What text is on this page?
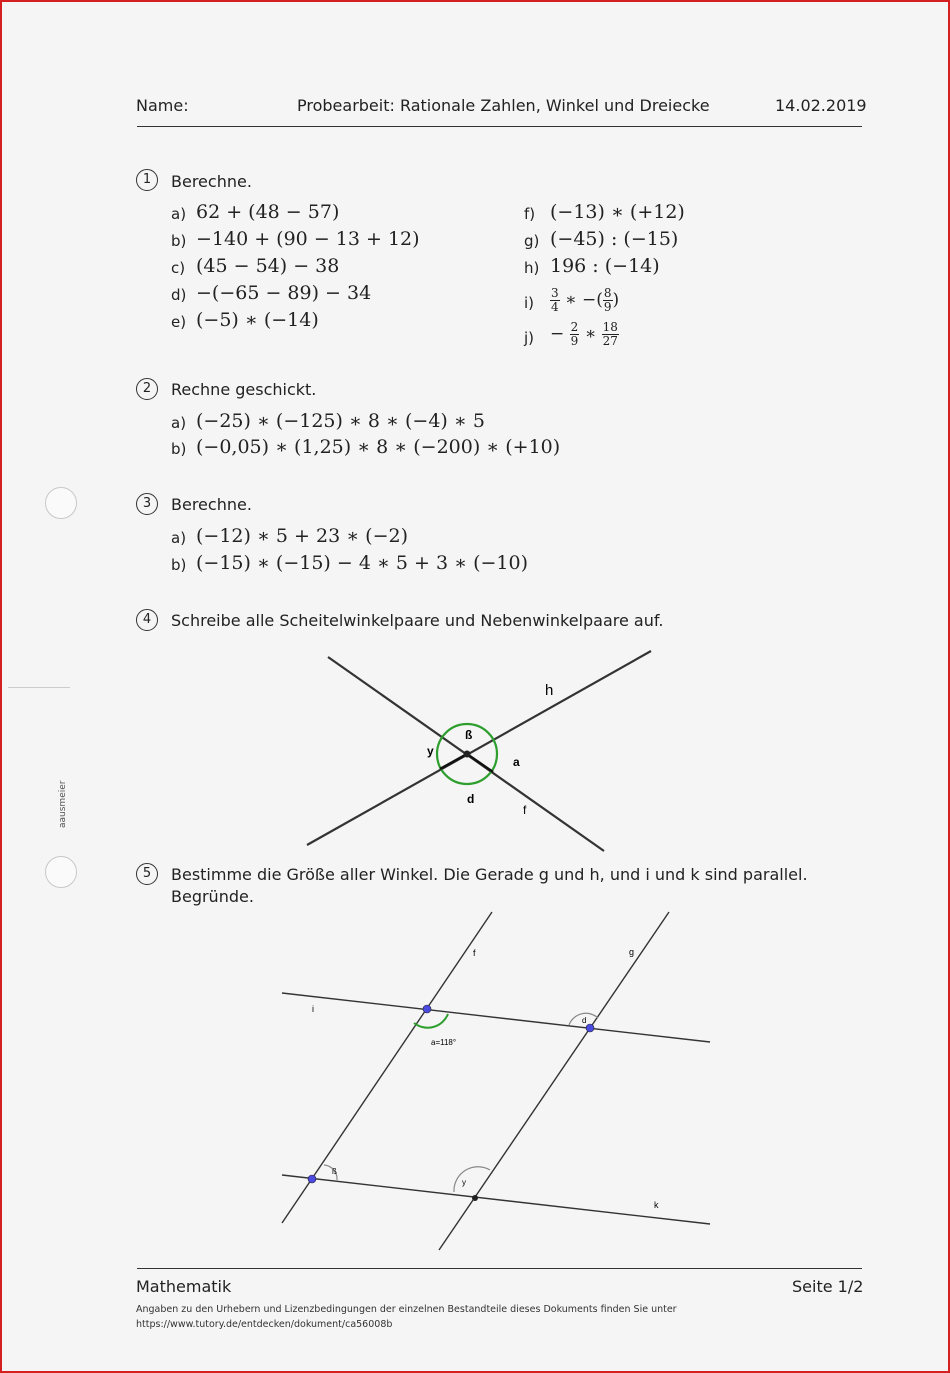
aausmeier
Name:	Probearbeit: Rationale Zahlen, Winkel und Dreiecke	14.02.2019
1	Berechne.
a) 62 + (48 − 57)
b) −140 + (90 − 13 + 12)
c) (45 − 54) − 38
d) −(−65 − 89) − 34
e) (−5) ∗ (−14)
f) (−13) ∗ (+12)
g) (−45) : (−15)
h) 196 : (−14)
$i) \frac{3}{4}$ ∗ −( $\frac{8}{9}$ )
$j) - \frac{2}{9}$ ∗ $\frac{18}{27}$
2	Rechne geschickt.
a) (−25) ∗ (−125) ∗ 8 ∗ (−4) ∗ 5
b) (−0,05) ∗ (1,25) ∗ 8 ∗ (−200) ∗ (+10)
3	Berechne.
a) (−12) ∗ 5 + 23 ∗ (−2)
b) (−15) ∗ (−15) − 4 ∗ 5 + 3 ∗ (−10)
4	Schreibe alle Scheitelwinkelpaare und Nebenwinkelpaare auf.
h
f
ß
a
y
d
f	g
i
k
d
a=118°
ß
y
5	Bestimme die Größe aller Winkel. Die Gerade g und h, und i und k sind parallel.
Begründe.
Mathematik	Seite 1/2
Angaben zu den Urhebern und Lizenzbedingungen der einzelnen Bestandteile dieses Dokuments finden Sie unter
https://www.tutory.de/entdecken/dokument/ca56008b
